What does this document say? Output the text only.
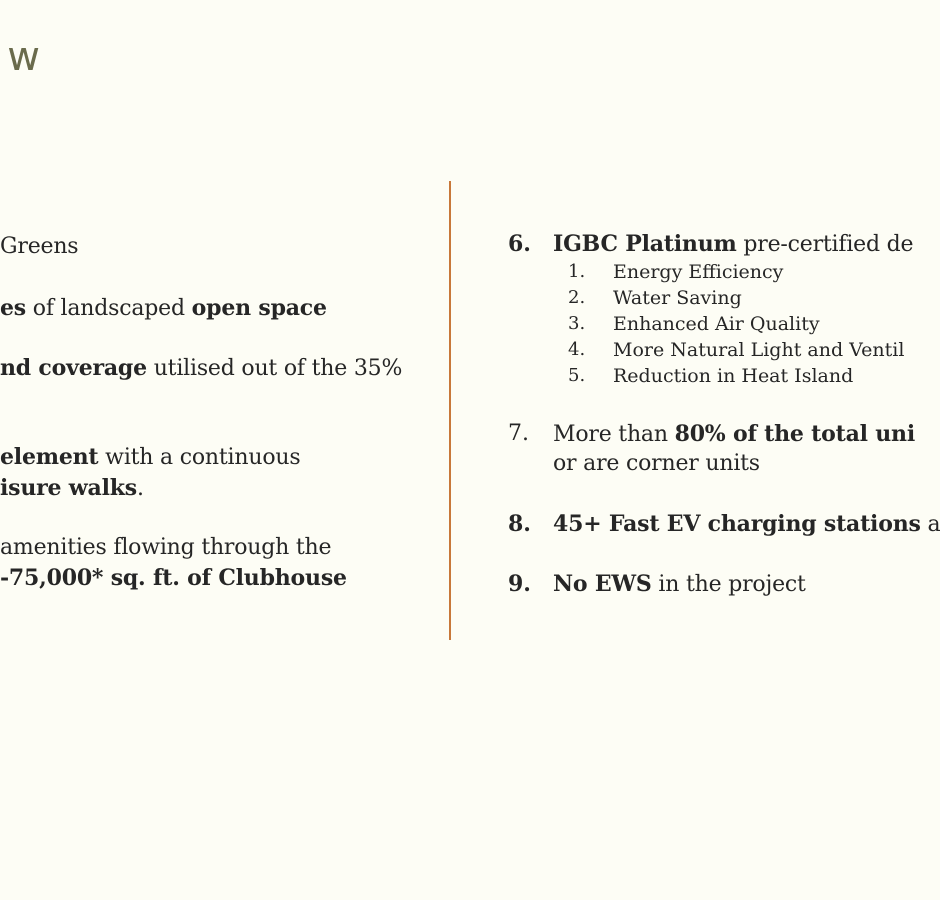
w
Greens
es of landscaped open space
nd coverage utilised out of the 35%
element with a continuous
isure walks.
amenities flowing through the
-75,000* sq. ft. of Clubhouse
6. IGBC Platinum pre-certified de
1. Energy Efficiency
2. Water Saving
3. Enhanced Air Quality
4. More Natural Light and Ventil
5. Reduction in Heat Island
7. More than 80% of the total uni
or are corner units
8. 45+ Fast EV charging stations a
9. No EWS in the project
